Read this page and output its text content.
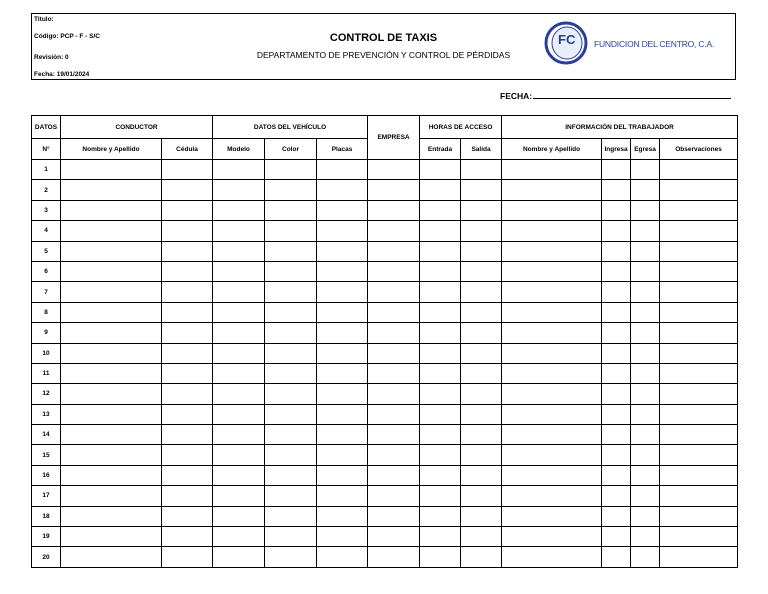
Titulo:
Código: PCP - F - S/C
Revisión: 0
Fecha: 19/01/2024
CONTROL DE TAXIS
DEPARTAMENTO DE PREVENCIÓN Y CONTROL DE PÉRDIDAS
FC FUNDICION DEL CENTRO, C.A.
FECHA:
DATOS	CONDUCTOR		DATOS DEL VEHÍCULO			EMPRESA	HORAS DE ACCESO		INFORMACIÓN DEL TRABAJADOR			
N°	Nombre y Apellido	Cédula	Modelo	Color	Placas		Entrada	Salida	Nombre y Apellido	Ingresa	Egresa	Observaciones
1												
2												
3												
4												
5												
6												
7												
8												
9												
10												
11												
12												
13												
14												
15												
16												
17												
18												
19												
20												
